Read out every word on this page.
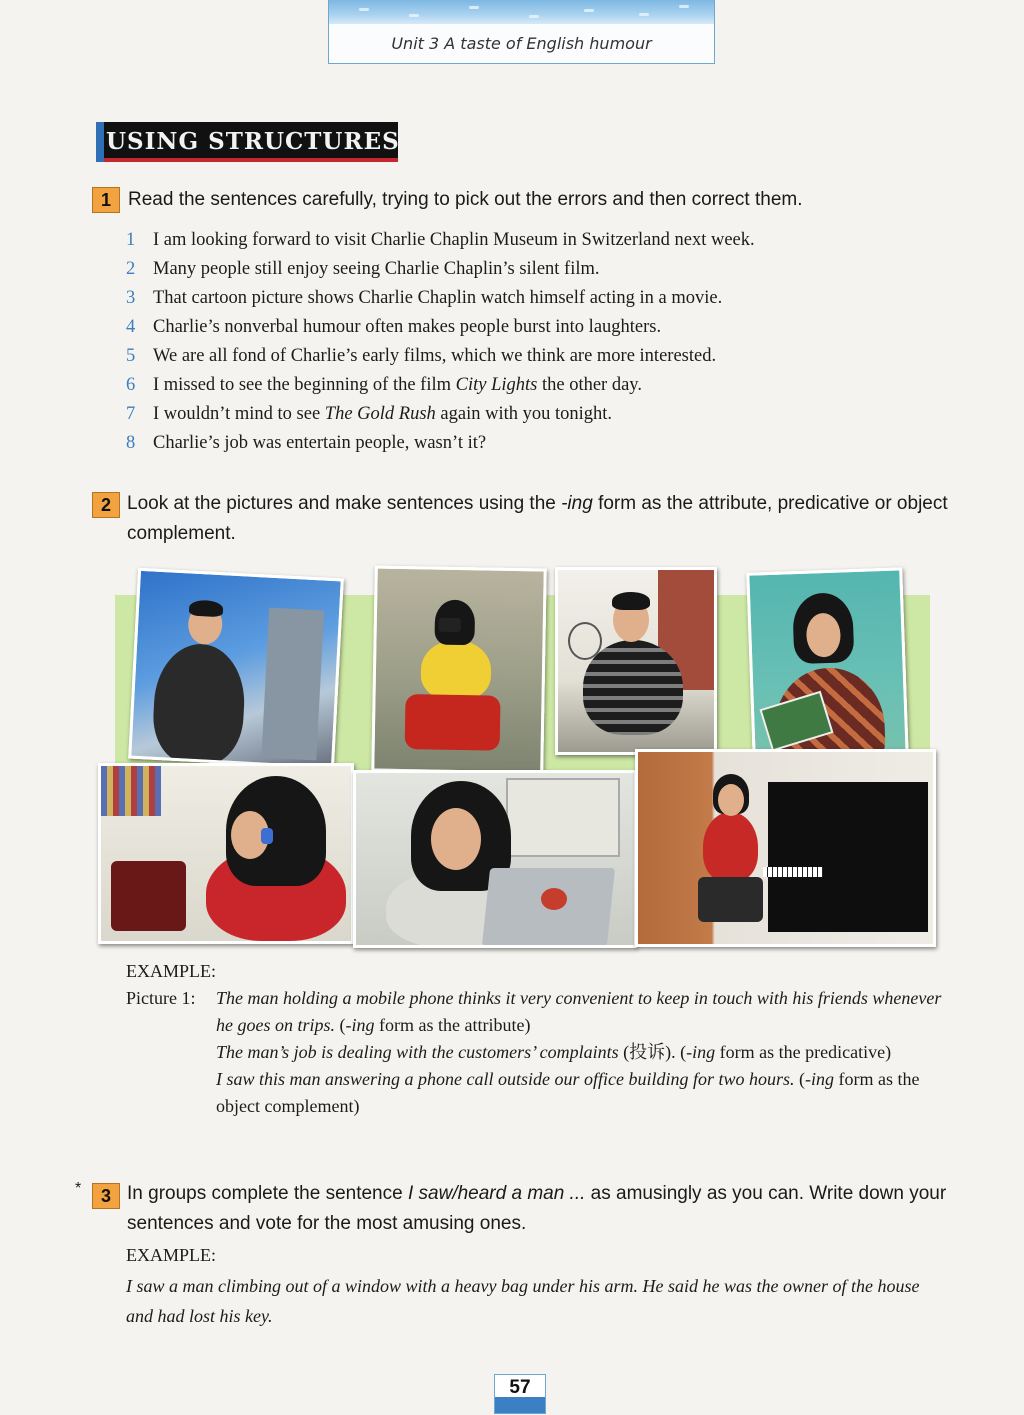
Unit 3 A taste of English humour
USING STRUCTURES
1 Read the sentences carefully, trying to pick out the errors and then correct them.
1 I am looking forward to visit Charlie Chaplin Museum in Switzerland next week.
2 Many people still enjoy seeing Charlie Chaplin’s silent film.
3 That cartoon picture shows Charlie Chaplin watch himself acting in a movie.
4 Charlie’s nonverbal humour often makes people burst into laughters.
5 We are all fond of Charlie’s early films, which we think are more interested.
6 I missed to see the beginning of the film City Lights the other day.
7 I wouldn’t mind to see The Gold Rush again with you tonight.
8 Charlie’s job was entertain people, wasn’t it?
2 Look at the pictures and make sentences using the -ing form as the attribute, predicative or object complement.
EXAMPLE:
Picture 1: The man holding a mobile phone thinks it very convenient to keep in touch with his friends whenever he goes on trips. (-ing form as the attribute)

The man’s job is dealing with the customers’ complaints (投诉). (-ing form as the predicative)

I saw this man answering a phone call outside our office building for two hours. (-ing form as the object complement)

*	3 In groups complete the sentence I saw/heard a man ... as amusingly as you can. Write down your sentences and vote for the most amusing ones.
EXAMPLE:
I saw a man climbing out of a window with a heavy bag under his arm. He said he was the owner of the house and had lost his key.
57
